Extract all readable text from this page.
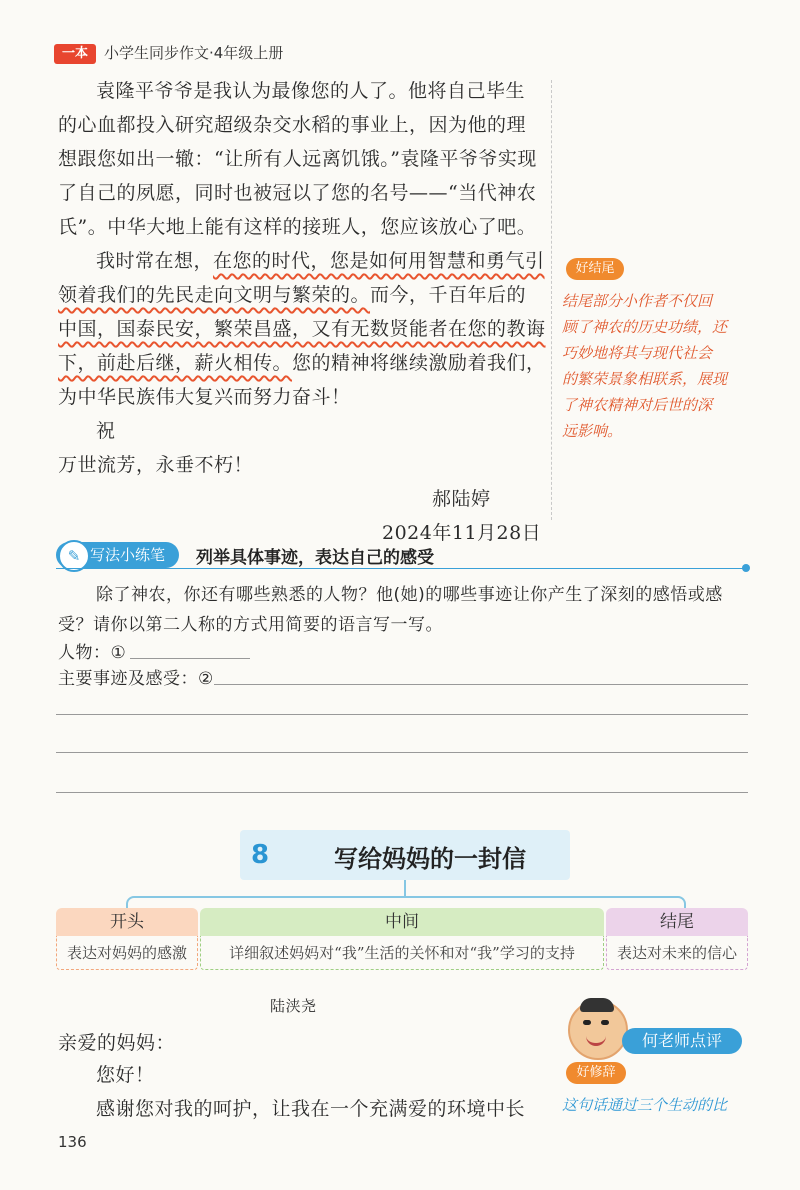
一本	小学生同步作文·4年级上册
袁隆平爷爷是我认为最像您的人了。他将自己毕生
的心血都投入研究超级杂交水稻的事业上，因为他的理
想跟您如出一辙：“让所有人远离饥饿。”袁隆平爷爷实现
了自己的夙愿，同时也被冠以了您的名号——“当代神农
氏”。中华大地上能有这样的接班人，您应该放心了吧。
我时常在想，在您的时代，您是如何用智慧和勇气引
领着我们的先民走向文明与繁荣的。而今，千百年后的
中国，国泰民安，繁荣昌盛，又有无数贤能者在您的教诲
下，前赴后继，薪火相传。您的精神将继续激励着我们，
为中华民族伟大复兴而努力奋斗！
祝
万世流芳，永垂不朽！
郝陆婷
2024年11月28日
好结尾
结尾部分小作者不仅回
顾了神农的历史功绩，还
巧妙地将其与现代社会
的繁荣景象相联系，展现
了神农精神对后世的深
远影响。
写法小练笔
✎	列举具体事迹，表达自己的感受
除了神农，你还有哪些熟悉的人物？他(她)的哪些事迹让你产生了深刻的感悟或感
受？请你以第二人称的方式用简要的语言写一写。
人物：①
主要事迹及感受：②
8	写给妈妈的一封信
开头
表达对妈妈的感激
中间
详细叙述妈妈对“我”生活的关怀和对“我”学习的支持
结尾
表达对未来的信心
陆浃尧
亲爱的妈妈：
您好！
感谢您对我的呵护，让我在一个充满爱的环境中长
何老师点评
好修辞
这句话通过三个生动的比
136
